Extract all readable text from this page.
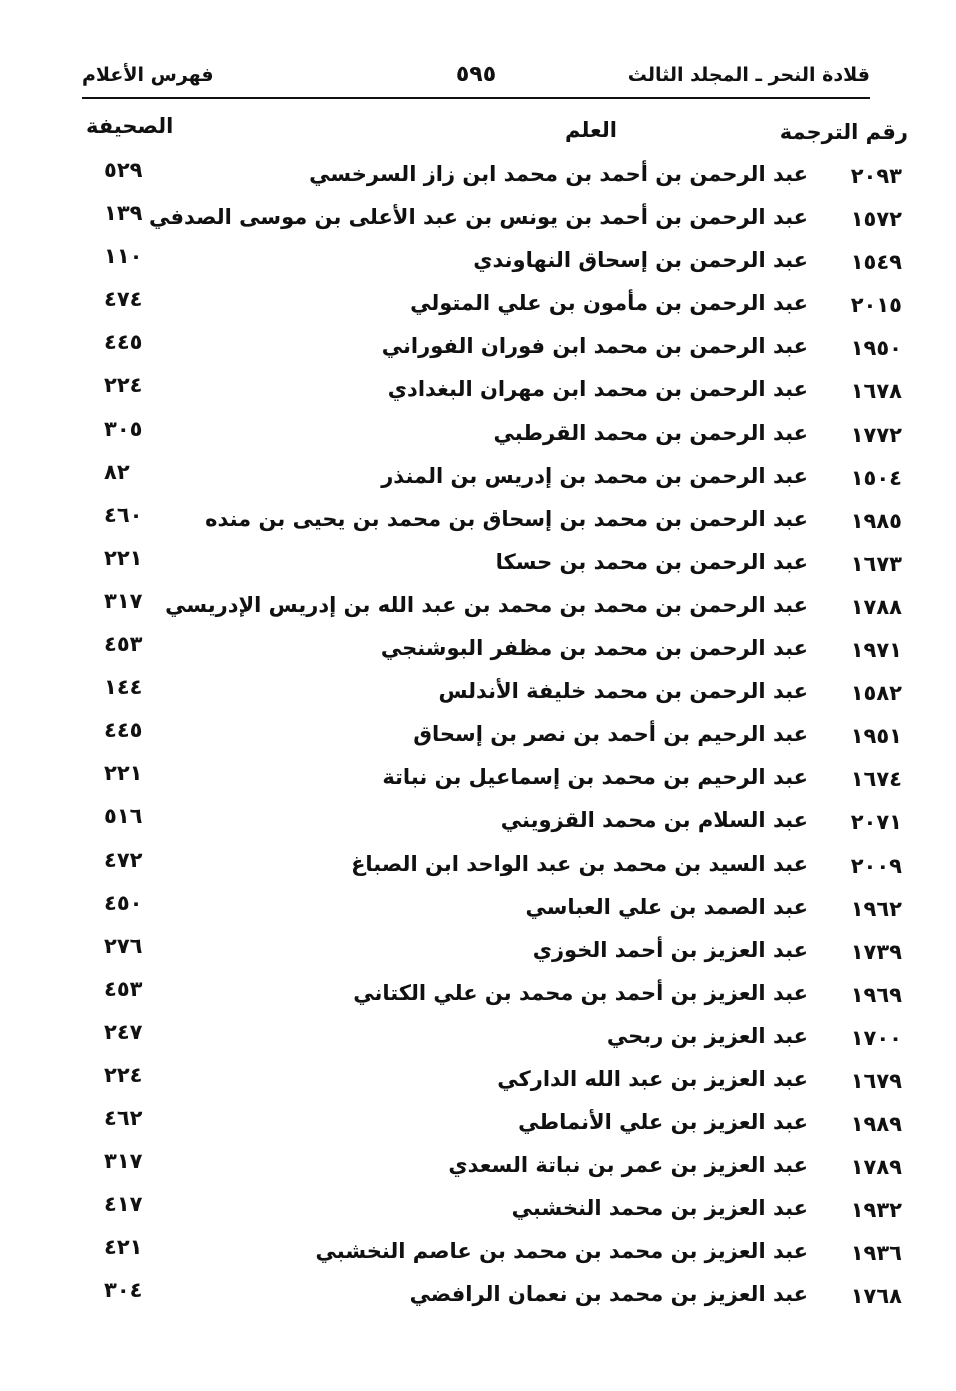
قلادة النحر ـ المجلد الثالث
٥٩٥
فهرس الأعلام
رقم الترجمة
العلم
الصحيفة
٢٠٩٣
عبد الرحمن بن أحمد بن محمد ابن زاز السرخسي
٥٢٩
١٥٧٢
عبد الرحمن بن أحمد بن يونس بن عبد الأعلى بن موسى الصدفي
١٣٩
١٥٤٩
عبد الرحمن بن إسحاق النهاوندي
١١٠
٢٠١٥
عبد الرحمن بن مأمون بن علي المتولي
٤٧٤
١٩٥٠
عبد الرحمن بن محمد ابن فوران الفوراني
٤٤٥
١٦٧٨
عبد الرحمن بن محمد ابن مهران البغدادي
٢٢٤
١٧٧٢
عبد الرحمن بن محمد القرطبي
٣٠٥
١٥٠٤
عبد الرحمن بن محمد بن إدريس بن المنذر
٨٢
١٩٨٥
عبد الرحمن بن محمد بن إسحاق بن محمد بن يحيى بن منده
٤٦٠
١٦٧٣
عبد الرحمن بن محمد بن حسكا
٢٢١
١٧٨٨
عبد الرحمن بن محمد بن محمد بن عبد الله بن إدريس الإدريسي
٣١٧
١٩٧١
عبد الرحمن بن محمد بن مظفر البوشنجي
٤٥٣
١٥٨٢
عبد الرحمن بن محمد خليفة الأندلس
١٤٤
١٩٥١
عبد الرحيم بن أحمد بن نصر بن إسحاق
٤٤٥
١٦٧٤
عبد الرحيم بن محمد بن إسماعيل بن نباتة
٢٢١
٢٠٧١
عبد السلام بن محمد القزويني
٥١٦
٢٠٠٩
عبد السيد بن محمد بن عبد الواحد ابن الصباغ
٤٧٢
١٩٦٢
عبد الصمد بن علي العباسي
٤٥٠
١٧٣٩
عبد العزيز بن أحمد الخوزي
٢٧٦
١٩٦٩
عبد العزيز بن أحمد بن محمد بن علي الكتاني
٤٥٣
١٧٠٠
عبد العزيز بن ربحي
٢٤٧
١٦٧٩
عبد العزيز بن عبد الله الداركي
٢٢٤
١٩٨٩
عبد العزيز بن علي الأنماطي
٤٦٢
١٧٨٩
عبد العزيز بن عمر بن نباتة السعدي
٣١٧
١٩٣٢
عبد العزيز بن محمد النخشبي
٤١٧
١٩٣٦
عبد العزيز بن محمد بن محمد بن عاصم النخشبي
٤٢١
١٧٦٨
عبد العزيز بن محمد بن نعمان الرافضي
٣٠٤
